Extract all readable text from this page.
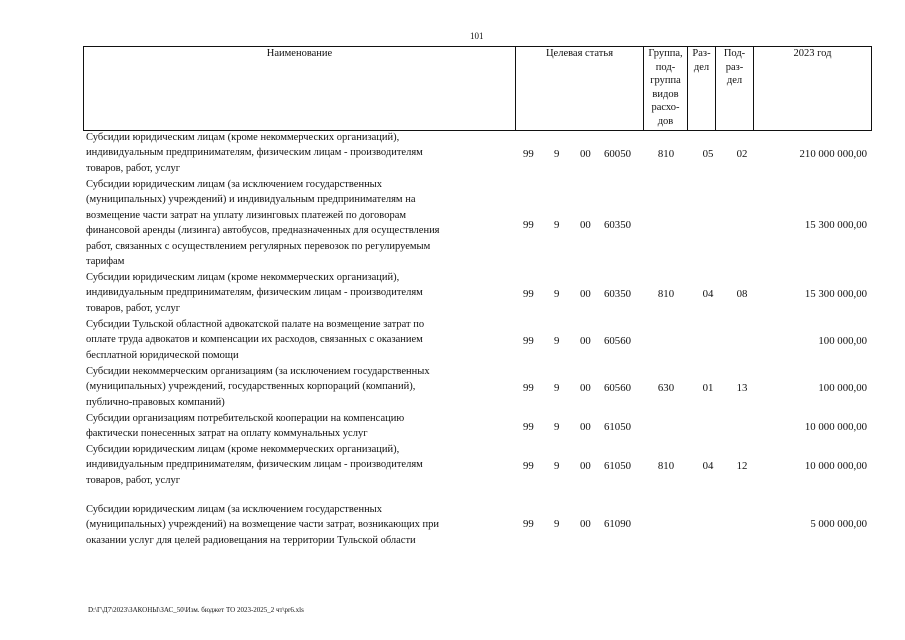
101
Наименование	Целевая статья	Группа, под- группа видов расхо- дов	Раз- дел	Под- раз- дел	2023 год
Субсидии юридическим лицам (кроме некоммерческих организаций),
индивидуальным предпринимателям, физическим лицам - производителям
товаров, работ, услуг
99 9 00 60050	810	05	02	210 000 000,00
Субсидии юридическим лицам (за исключением государственных
(муниципальных) учреждений) и индивидуальным предпринимателям на
возмещение части затрат на уплату лизинговых платежей по договорам
финансовой аренды (лизинга) автобусов, предназначенных для осуществления
работ, связанных с осуществлением регулярных перевозок по регулируемым
тарифам
99 9 00 60350	15 300 000,00
Субсидии юридическим лицам (кроме некоммерческих организаций),
индивидуальным предпринимателям, физическим лицам - производителям
товаров, работ, услуг
99 9 00 60350	810	04	08	15 300 000,00
Субсидии Тульской областной адвокатской палате на возмещение затрат по
оплате труда адвокатов и компенсации их расходов, связанных с оказанием
бесплатной юридической помощи
99 9 00 60560	100 000,00
Субсидии некоммерческим организациям (за исключением государственных
(муниципальных) учреждений, государственных корпораций (компаний),
публично-правовых компаний)
99 9 00 60560	630	01	13	100 000,00
Субсидии организациям потребительской кооперации на компенсацию
фактически понесенных затрат на оплату коммунальных услуг
99 9 00 61050	10 000 000,00
Субсидии юридическим лицам (кроме некоммерческих организаций),
индивидуальным предпринимателям, физическим лицам - производителям
товаров, работ, услуг
99 9 00 61050	810	04	12	10 000 000,00
Субсидии юридическим лицам (за исключением государственных
(муниципальных) учреждений) на возмещение части затрат, возникающих при
оказании услуг для целей радиовещания на территории Тульской области
99 9 00 61090	5 000 000,00
D:\Г\Д7\2023\ЗАКОНЫ\ЗАС_50\Изм. бюджет ТО 2023-2025_2 чт\pr6.xls
